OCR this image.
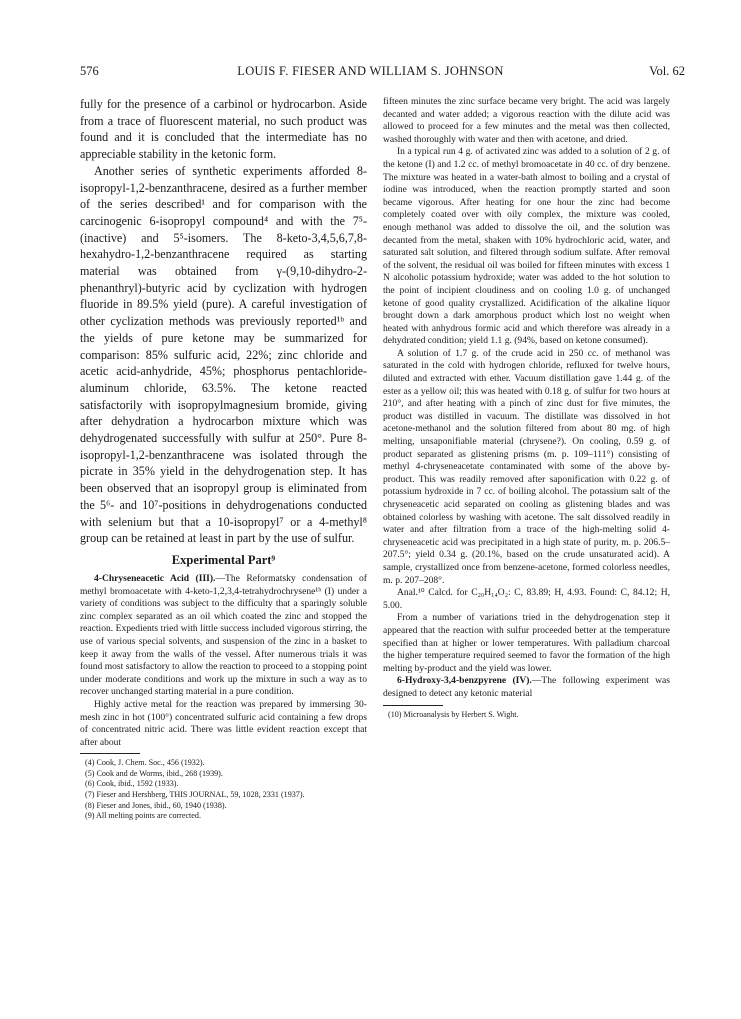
576	LOUIS F. FIESER AND WILLIAM S. JOHNSON	Vol. 62

fully for the presence of a carbinol or hydrocarbon. Aside from a trace of fluorescent material, no such product was found and it is concluded that the intermediate has no appreciable stability in the ketonic form.

Another series of synthetic experiments afforded 8-isopropyl-1,2-benzanthracene, desired as a further member of the series described¹ and for comparison with the carcinogenic 6-isopropyl compound⁴ and with the 7⁵-(inactive) and 5⁵-isomers. The 8-keto-3,4,5,6,7,8-hexahydro-1,2-benzanthracene required as starting material was obtained from γ-(9,10-dihydro-2-phenanthryl)-butyric acid by cyclization with hydrogen fluoride in 89.5% yield (pure). A careful investigation of other cyclization methods was previously reported¹ᵇ and the yields of pure ketone may be summarized for comparison: 85% sulfuric acid, 22%; zinc chloride and acetic acid-anhydride, 45%; phosphorus pentachloride-aluminum chloride, 63.5%. The ketone reacted satisfactorily with isopropylmagnesium bromide, giving after dehydration a hydrocarbon mixture which was dehydrogenated successfully with sulfur at 250°. Pure 8-isopropyl-1,2-benzanthracene was isolated through the picrate in 35% yield in the dehydrogenation step. It has been observed that an isopropyl group is eliminated from the 5⁶- and 10⁷-positions in dehydrogenations conducted with selenium but that a 10-isopropyl⁷ or a 4-methyl⁸ group can be retained at least in part by the use of sulfur.

Experimental Part⁹

4-Chryseneacetic Acid (III).—The Reformatsky condensation of methyl bromoacetate with 4-keto-1,2,3,4-tetrahydrochrysene¹ᵇ (I) under a variety of conditions was subject to the difficulty that a sparingly soluble zinc complex separated as an oil which coated the zinc and stopped the reaction. Expedients tried with little success included vigorous stirring, the use of various special solvents, and suspension of the zinc in a basket to keep it away from the walls of the vessel. After numerous trials it was found most satisfactory to allow the reaction to proceed to a stopping point under moderate conditions and work up the mixture in such a way as to recover unchanged starting material in a pure condition.

Highly active metal for the reaction was prepared by immersing 30-mesh zinc in hot (100°) concentrated sulfuric acid containing a few drops of concentrated nitric acid. There was little evident reaction except that after about

(4) Cook, J. Chem. Soc., 456 (1932).

(5) Cook and de Worms, ibid., 268 (1939).

(6) Cook, ibid., 1592 (1933).

(7) Fieser and Hershberg, THIS JOURNAL, 59, 1028, 2331 (1937).

(8) Fieser and Jones, ibid., 60, 1940 (1938).

(9) All melting points are corrected.

fifteen minutes the zinc surface became very bright. The acid was largely decanted and water added; a vigorous reaction with the dilute acid was allowed to proceed for a few minutes and the metal was then collected, washed thoroughly with water and then with acetone, and dried.

In a typical run 4 g. of activated zinc was added to a solution of 2 g. of the ketone (I) and 1.2 cc. of methyl bromoacetate in 40 cc. of dry benzene. The mixture was heated in a water-bath almost to boiling and a crystal of iodine was introduced, when the reaction promptly started and soon became vigorous. After heating for one hour the zinc had become completely coated over with oily complex, the mixture was cooled, enough methanol was added to dissolve the oil, and the solution was decanted from the metal, shaken with 10% hydrochloric acid, water, and saturated salt solution, and filtered through sodium sulfate. After removal of the solvent, the residual oil was boiled for fifteen minutes with excess 1 N alcoholic potassium hydroxide; water was added to the hot solution to the point of incipient cloudiness and on cooling 1.0 g. of unchanged ketone of good quality crystallized. Acidification of the alkaline liquor brought down a dark amorphous product which lost no weight when heated with anhydrous formic acid and which therefore was already in a dehydrated condition; yield 1.1 g. (94%, based on ketone consumed).

A solution of 1.7 g. of the crude acid in 250 cc. of methanol was saturated in the cold with hydrogen chloride, refluxed for twelve hours, diluted and extracted with ether. Vacuum distillation gave 1.44 g. of the ester as a yellow oil; this was heated with 0.18 g. of sulfur for two hours at 210°, and after heating with a pinch of zinc dust for five minutes, the product was distilled in vacuum. The distillate was dissolved in hot acetone-methanol and the solution filtered from about 80 mg. of high melting, unsaponifiable material (chrysene?). On cooling, 0.59 g. of product separated as glistening prisms (m. p. 109–111°) consisting of methyl 4-chryseneacetate contaminated with some of the above by-product. This was readily removed after saponification with 0.22 g. of potassium hydroxide in 7 cc. of boiling alcohol. The potassium salt of the chryseneacetic acid separated on cooling as glistening blades and was obtained colorless by washing with acetone. The salt dissolved readily in water and after filtration from a trace of the high-melting solid 4-chryseneacetic acid was precipitated in a high state of purity, m. p. 206.5–207.5°; yield 0.34 g. (20.1%, based on the crude unsaturated acid). A sample, crystallized once from benzene-acetone, formed colorless needles, m. p. 207–208°.

Anal.¹⁰ Calcd. for C₂₀H₁₄O₂: C, 83.89; H, 4.93. Found: C, 84.12; H, 5.00.

From a number of variations tried in the dehydrogenation step it appeared that the reaction with sulfur proceeded better at the temperature specified than at higher or lower temperatures. With palladium charcoal the higher temperature required seemed to favor the formation of the high melting by-product and the yield was lower.

6-Hydroxy-3,4-benzpyrene (IV).—The following experiment was designed to detect any ketonic material

(10) Microanalysis by Herbert S. Wight.
